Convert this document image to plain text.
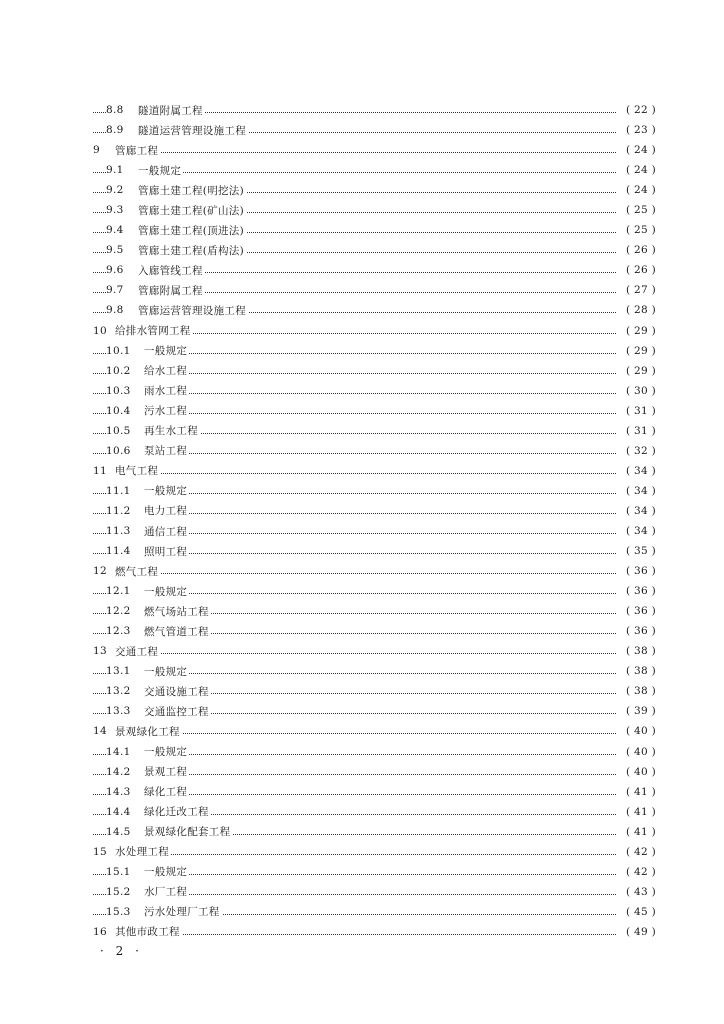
8.8	隧道附属工程	( 22 )
8.9	隧道运营管理设施工程	( 23 )
9	管廊工程	( 24 )
9.1	一般规定	( 24 )
9.2	管廊土建工程(明挖法)	( 24 )
9.3	管廊土建工程(矿山法)	( 25 )
9.4	管廊土建工程(顶进法)	( 25 )
9.5	管廊土建工程(盾构法)	( 26 )
9.6	入廊管线工程	( 26 )
9.7	管廊附属工程	( 27 )
9.8	管廊运营管理设施工程	( 28 )
10 给排水管网工程	( 29 )
10.1	一般规定	( 29 )
10.2	给水工程	( 29 )
10.3	雨水工程	( 30 )
10.4	污水工程	( 31 )
10.5	再生水工程	( 31 )
10.6	泵站工程	( 32 )
11 电气工程	( 34 )
11.1	一般规定	( 34 )
11.2	电力工程	( 34 )
11.3	通信工程	( 34 )
11.4	照明工程	( 35 )
12 燃气工程	( 36 )
12.1	一般规定	( 36 )
12.2	燃气场站工程	( 36 )
12.3	燃气管道工程	( 36 )
13 交通工程	( 38 )
13.1	一般规定	( 38 )
13.2	交通设施工程	( 38 )
13.3	交通监控工程	( 39 )
14 景观绿化工程	( 40 )
14.1	一般规定	( 40 )
14.2	景观工程	( 40 )
14.3	绿化工程	( 41 )
14.4	绿化迁改工程	( 41 )
14.5	景观绿化配套工程	( 41 )
15 水处理工程	( 42 )
15.1	一般规定	( 42 )
15.2	水厂工程	( 43 )
15.3	污水处理厂工程	( 45 )
16 其他市政工程	( 49 )
· 2 ·
